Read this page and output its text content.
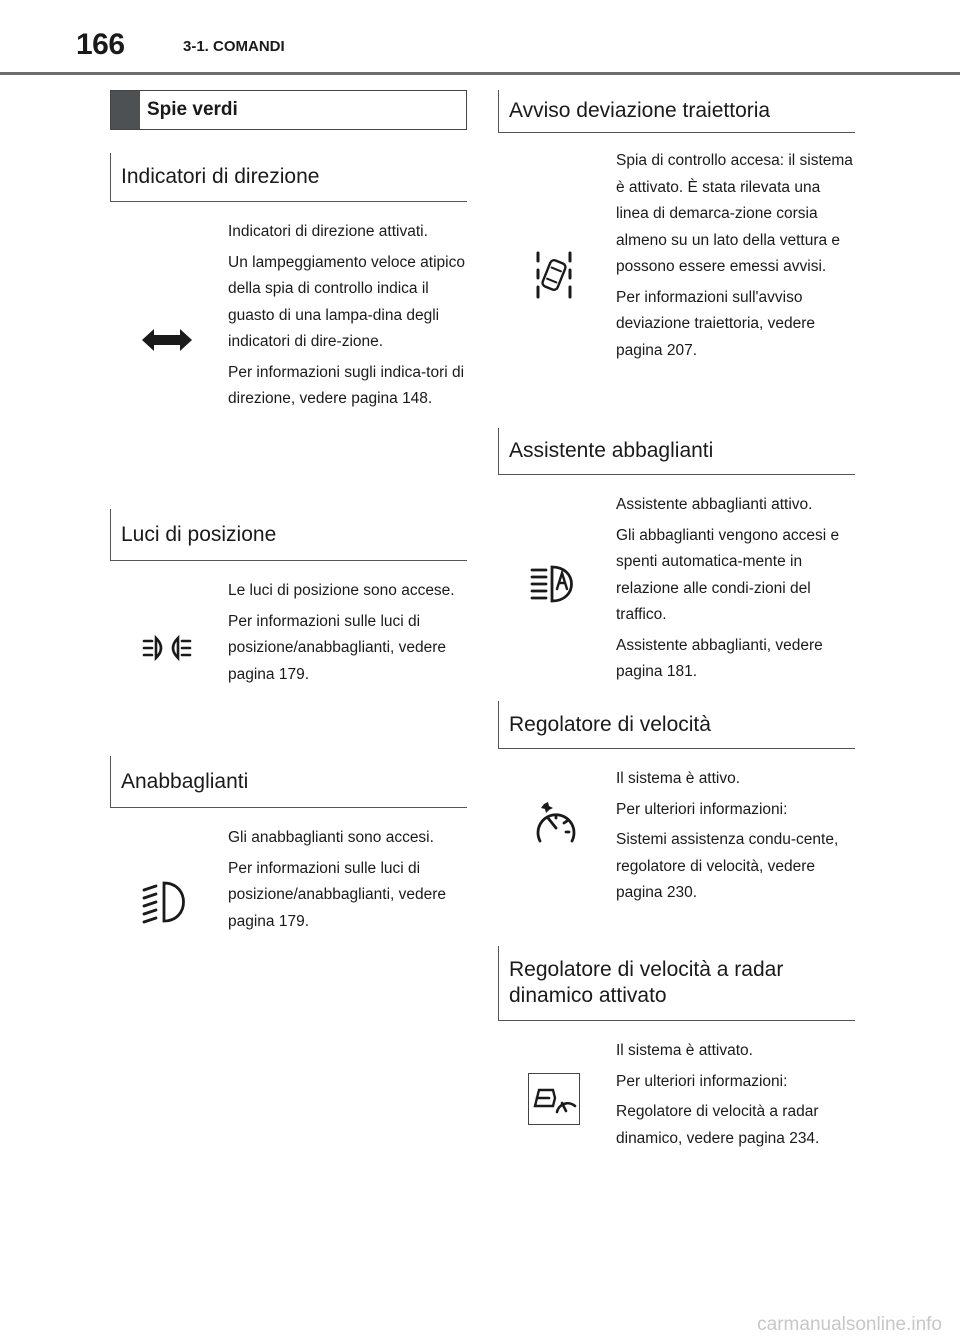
166	3-1. COMANDI
Spie verdi
Indicatori di direzione

Indicatori di direzione attivati.

Un lampeggiamento veloce atipico della spia di controllo indica il guasto di una lampa-dina degli indicatori di dire-zione.

Per informazioni sugli indica-tori di direzione, vedere pagina 148.

Luci di posizione

Le luci di posizione sono accese.

Per informazioni sulle luci di posizione/anabbaglianti, vedere pagina 179.

Anabbaglianti

Gli anabbaglianti sono accesi.

Per informazioni sulle luci di posizione/anabbaglianti, vedere pagina 179.

Avviso deviazione traiettoria

Spia di controllo accesa: il sistema è attivato. È stata rilevata una linea di demarca-zione corsia almeno su un lato della vettura e possono essere emessi avvisi.

Per informazioni sull'avviso deviazione traiettoria, vedere pagina 207.

Assistente abbaglianti

Assistente abbaglianti attivo.

Gli abbaglianti vengono accesi e spenti automatica-mente in relazione alle condi-zioni del traffico.

Assistente abbaglianti, vedere pagina 181.

Regolatore di velocità

Il sistema è attivo.

Per ulteriori informazioni:

Sistemi assistenza condu-cente, regolatore di velocità, vedere pagina 230.

Regolatore di velocità a radar dinamico attivato

Il sistema è attivato.

Per ulteriori informazioni:

Regolatore di velocità a radar dinamico, vedere pagina 234.

carmanualsonline.info
